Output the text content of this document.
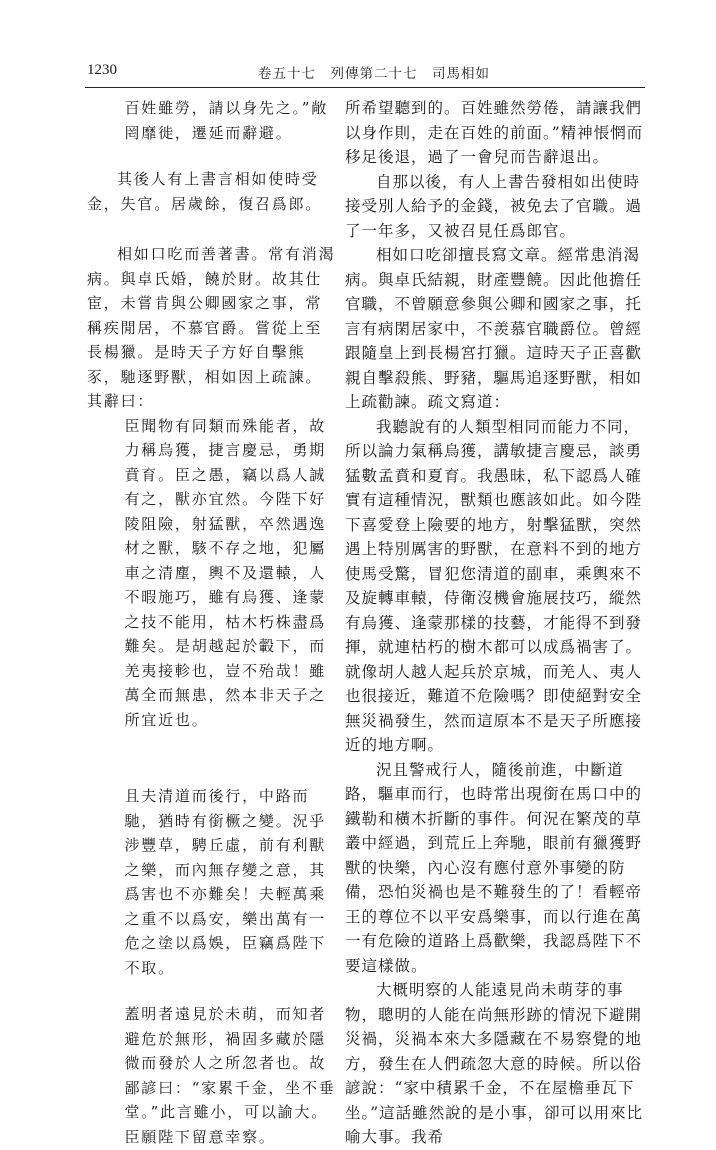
1230	卷五十七　列傳第二十七　司馬相如

百姓雖勞，請以身先之。”敞罔靡徙，遷延而辭避。

其後人有上書言相如使時受金，失官。居歲餘，復召爲郎。

相如口吃而善著書。常有消渴病。與卓氏婚，饒於財。故其仕宦，未嘗肯與公卿國家之事，常稱疾閒居，不慕官爵。嘗從上至長楊獵。是時天子方好自擊熊豕，馳逐野獸，相如因上疏諫。其辭曰：

臣聞物有同類而殊能者，故力稱烏獲，捷言慶忌，勇期賁育。臣之愚，竊以爲人誠有之，獸亦宜然。今陛下好陵阻險，射猛獸，卒然遇逸材之獸，駭不存之地，犯屬車之清塵，輿不及還轅，人不暇施巧，雖有烏獲、逢蒙之技不能用，枯木朽株盡爲難矣。是胡越起於轂下，而羌夷接軫也，豈不殆哉！雖萬全而無患，然本非天子之所宜近也。

且夫清道而後行，中路而馳，猶時有銜橛之變。況乎涉豐草，騁丘虛，前有利獸之樂，而內無存變之意，其爲害也不亦難矣！夫輕萬乘之重不以爲安，樂出萬有一危之塗以爲娛，臣竊爲陛下不取。

蓋明者遠見於未萌，而知者避危於無形，禍固多藏於隱微而發於人之所忽者也。故鄙諺曰：“家累千金，坐不垂堂。”此言雖小，可以諭大。臣願陛下留意幸察。

所希望聽到的。百姓雖然勞倦，請讓我們以身作則，走在百姓的前面。”精神悵惘而移足後退，過了一會兒而告辭退出。

自那以後，有人上書告發相如出使時接受別人給予的金錢，被免去了官職。過了一年多，又被召見任爲郎官。

相如口吃卻擅長寫文章。經常患消渴病。與卓氏結親，財產豐饒。因此他擔任官職，不曾願意參與公卿和國家之事，托言有病閑居家中，不羨慕官職爵位。曾經跟隨皇上到長楊宮打獵。這時天子正喜歡親自擊殺熊、野豬，驅馬追逐野獸，相如上疏勸諫。疏文寫道：

我聽說有的人類型相同而能力不同，所以論力氣稱烏獲，講敏捷言慶忌，談勇猛數孟賁和夏育。我愚昧，私下認爲人確實有這種情況，獸類也應該如此。如今陛下喜愛登上險要的地方，射擊猛獸，突然遇上特別厲害的野獸，在意料不到的地方使馬受驚，冒犯您清道的副車，乘輿來不及旋轉車轅，侍衛沒機會施展技巧，縱然有烏獲、逢蒙那樣的技藝，才能得不到發揮，就連枯朽的樹木都可以成爲禍害了。就像胡人越人起兵於京城，而羌人、夷人也很接近，難道不危險嗎？即使絕對安全無災禍發生，然而這原本不是天子所應接近的地方啊。

況且警戒行人，隨後前進，中斷道路，驅車而行，也時常出現銜在馬口中的鐵勒和橫木折斷的事件。何況在繁茂的草叢中經過，到荒丘上奔馳，眼前有獵獲野獸的快樂，內心沒有應付意外事變的防備，恐怕災禍也是不難發生的了！看輕帝王的尊位不以平安爲樂事，而以行進在萬一有危險的道路上爲歡樂，我認爲陛下不要這樣做。

大概明察的人能遠見尚未萌芽的事物，聰明的人能在尚無形跡的情況下避開災禍，災禍本來大多隱藏在不易察覺的地方，發生在人們疏忽大意的時候。所以俗諺說：“家中積累千金，不在屋檐垂瓦下坐。”這話雖然說的是小事，卻可以用來比喻大事。我希
